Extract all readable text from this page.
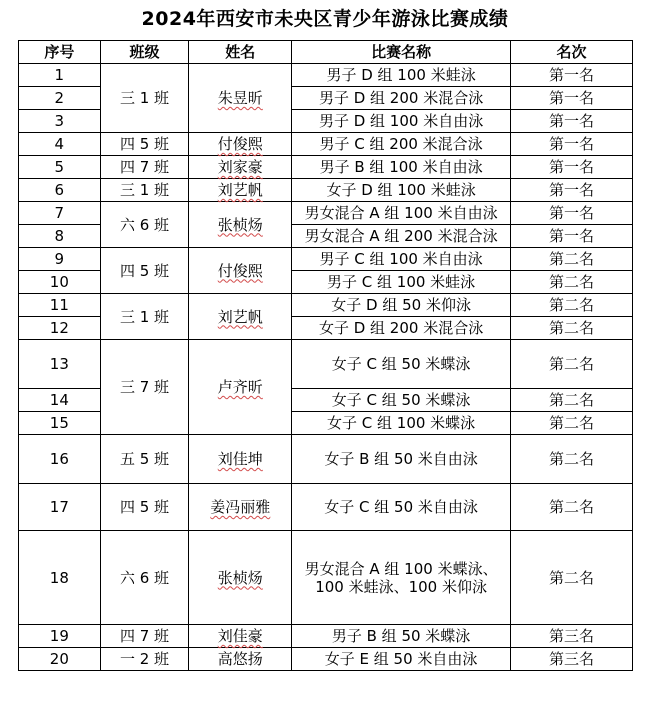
2024年西安市未央区青少年游泳比赛成绩
序号	班级	姓名	比赛名称	名次
1	三 1 班	朱昱昕	男子 D 组 100 米蛙泳	第一名
2			男子 D 组 200 米混合泳	第一名
3			男子 D 组 100 米自由泳	第一名
4	四 5 班	付俊熙	男子 C 组 200 米混合泳	第一名
5	四 7 班	刘家豪	男子 B 组 100 米自由泳	第一名
6	三 1 班	刘艺帆	女子 D 组 100 米蛙泳	第一名
7	六 6 班	张桢炀	男女混合 A 组 100 米自由泳	第一名
8			男女混合 A 组 200 米混合泳	第一名
9	四 5 班	付俊熙	男子 C 组 100 米自由泳	第二名
10			男子 C 组 100 米蛙泳	第二名
11	三 1 班	刘艺帆	女子 D 组 50 米仰泳	第二名
12			女子 D 组 200 米混合泳	第二名
13	三 7 班	卢齐昕	女子 C 组 50 米蝶泳	第二名
14			女子 C 组 50 米蝶泳	第二名
15			女子 C 组 100 米蝶泳	第二名
16	五 5 班	刘佳坤	女子 B 组 50 米自由泳	第二名
17	四 5 班	姜冯丽雅	女子 C 组 50 米自由泳	第二名
18	六 6 班	张桢炀	男女混合 A 组 100 米蝶泳、
100 米蛙泳、100 米仰泳	第二名
19	四 7 班	刘佳豪	男子 B 组 50 米蝶泳	第三名
20	一 2 班	高悠扬	女子 E 组 50 米自由泳	第三名
